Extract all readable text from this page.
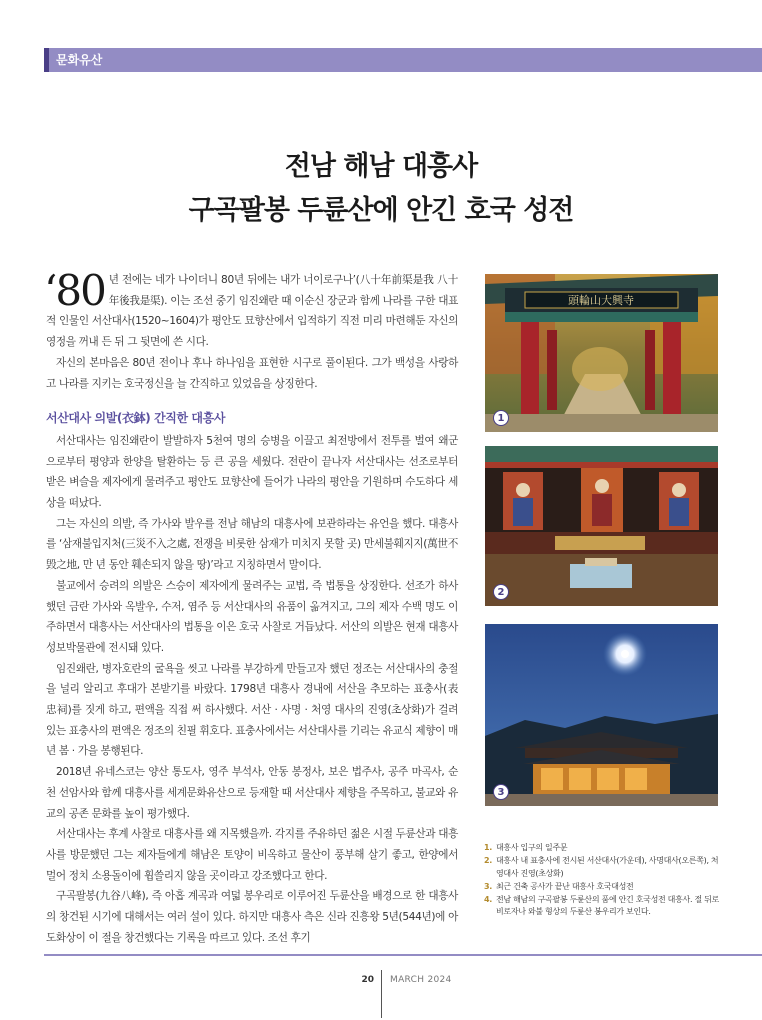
문화유산
전남 해남 대흥사
구곡팔봉 두륜산에 안긴 호국 성전

‘80 년 전에는 네가 나이더니 80년 뒤에는 내가 너이로구나’(八十年前渠是我 八十年後我是渠). 이는 조선 중기 임진왜란 때 이순신 장군과 함께 나라를 구한 대표적 인물인 서산대사(1520~1604)가 평안도 묘향산에서 입적하기 직전 미리 마련해둔 자신의 영정을 꺼내 든 뒤 그 뒷면에 쓴 시다.

자신의 본마음은 80년 전이나 후나 하나임을 표현한 시구로 풀이된다. 그가 백성을 사랑하고 나라를 지키는 호국정신을 늘 간직하고 있었음을 상징한다.

서산대사 의발(衣鉢) 간직한 대흥사

서산대사는 임진왜란이 발발하자 5천여 명의 승병을 이끌고 최전방에서 전투를 벌여 왜군으로부터 평양과 한양을 탈환하는 등 큰 공을 세웠다. 전란이 끝나자 서산대사는 선조로부터 받은 벼슬을 제자에게 물려주고 평안도 묘향산에 들어가 나라의 평안을 기원하며 수도하다 세상을 떠났다.

그는 자신의 의발, 즉 가사와 발우를 전남 해남의 대흥사에 보관하라는 유언을 했다. 대흥사를 ‘삼재불입지처(三災不入之處, 전쟁을 비롯한 삼재가 미치지 못할 곳) 만세불훼지지(萬世不毁之地, 만 년 동안 훼손되지 않을 땅)’라고 지칭하면서 말이다.

불교에서 승려의 의발은 스승이 제자에게 물려주는 교법, 즉 법통을 상징한다. 선조가 하사했던 금란 가사와 옥발우, 수저, 염주 등 서산대사의 유품이 옮겨지고, 그의 제자 수백 명도 이주하면서 대흥사는 서산대사의 법통을 이은 호국 사찰로 거듭났다. 서산의 의발은 현재 대흥사 성보박물관에 전시돼 있다.

임진왜란, 병자호란의 굴욕을 씻고 나라를 부강하게 만들고자 했던 정조는 서산대사의 충절을 널리 알리고 후대가 본받기를 바랐다. 1798년 대흥사 경내에 서산을 추모하는 표충사(表忠祠)를 짓게 하고, 편액을 직접 써 하사했다. 서산 · 사명 · 처영 대사의 진영(초상화)가 걸려 있는 표충사의 편액은 정조의 친필 휘호다. 표충사에서는 서산대사를 기리는 유교식 제향이 매년 봄 · 가을 봉행된다.

2018년 유네스코는 양산 통도사, 영주 부석사, 안동 봉정사, 보은 법주사, 공주 마곡사, 순천 선암사와 함께 대흥사를 세계문화유산으로 등재할 때 서산대사 제향을 주목하고, 불교와 유교의 공존 문화를 높이 평가했다.

서산대사는 후계 사찰로 대흥사를 왜 지목했을까. 각지를 주유하던 젊은 시절 두륜산과 대흥사를 방문했던 그는 제자들에게 해남은 토양이 비옥하고 물산이 풍부해 살기 좋고, 한양에서 멀어 정치 소용돌이에 휩쓸리지 않을 곳이라고 강조했다고 한다.

구곡팔봉(九谷八峰), 즉 아홉 계곡과 여덟 봉우리로 이루어진 두륜산을 배경으로 한 대흥사의 창건된 시기에 대해서는 여러 설이 있다. 하지만 대흥사 측은 신라 진흥왕 5년(544년)에 아도화상이 이 절을 창건했다는 기록을 따르고 있다. 조선 후기

頭輪山大興寺
1
2
3
1. 대흥사 입구의 일주문
2. 대흥사 내 표충사에 전시된 서산대사(가운데), 사명대사(오른쪽), 처영대사 진영(초상화)
3. 최근 건축 공사가 끝난 대흥사 호국대성전
4. 전남 해남의 구곡팔봉 두륜산의 품에 안긴 호국성전 대흥사. 절 뒤로 비로자나 와불 형상의 두륜산 봉우리가 보인다.
20 MARCH 2024
